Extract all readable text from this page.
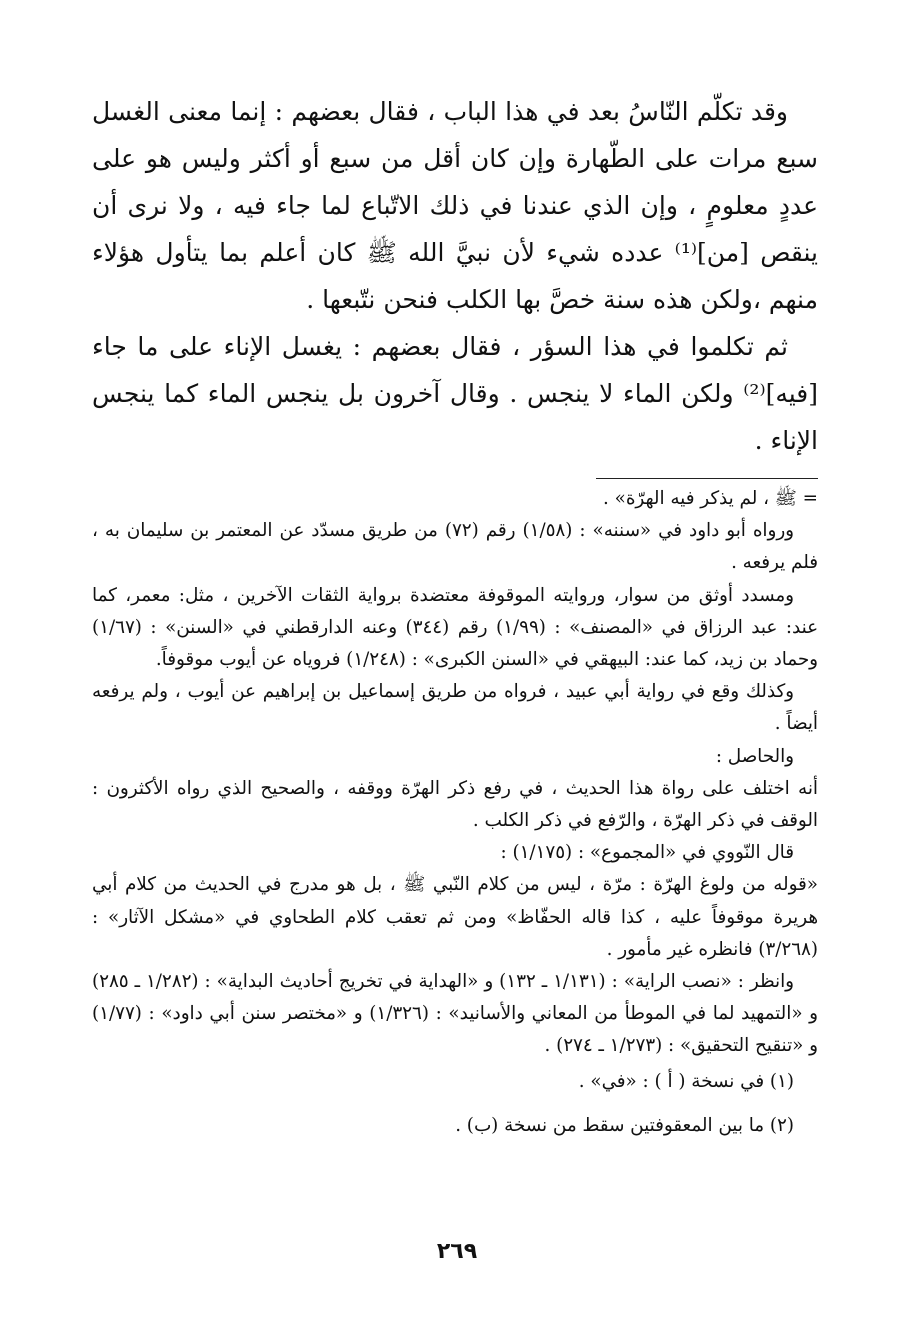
وقد تكلّم النّاسُ بعد في هذا الباب ، فقال بعضهم : إنما معنى الغسل سبع مرات على الطّهارة وإن كان أقل من سبع أو أكثر وليس هو على عددٍ معلومٍ ، وإن الذي عندنا في ذلك الاتّباع لما جاء فيه ، ولا نرى أن ينقص [من]⁽¹⁾ عدده شيء لأن نبيَّ الله ﷺ كان أعلم بما يتأول هؤلاء منهم ،ولكن هذه سنة خصَّ بها الكلب فنحن نتّبعها .

ثم تكلموا في هذا السؤر ، فقال بعضهم : يغسل الإناء على ما جاء [فيه]⁽²⁾ ولكن الماء لا ينجس . وقال آخرون بل ينجس الماء كما ينجس الإناء .

= ﷺ ، لم يذكر فيه الهرّة» .

ورواه أبو داود في «سننه» : (١/٥٨) رقم (٧٢) من طريق مسدّد عن المعتمر بن سليمان به ، فلم يرفعه .

ومسدد أوثق من سوار، وروايته الموقوفة معتضدة برواية الثقات الآخرين ، مثل: معمر، كما عند: عبد الرزاق في «المصنف» : (١/٩٩) رقم (٣٤٤) وعنه الدارقطني في «السنن» : (١/٦٧) وحماد بن زيد، كما عند: البيهقي في «السنن الكبرى» : (١/٢٤٨) فروياه عن أيوب موقوفاً.

وكذلك وقع في رواية أبي عبيد ، فرواه من طريق إسماعيل بن إبراهيم عن أيوب ، ولم يرفعه أيضاً .

والحاصل :

أنه اختلف على رواة هذا الحديث ، في رفع ذكر الهرّة ووقفه ، والصحيح الذي رواه الأكثرون : الوقف في ذكر الهرّة ، والرّفع في ذكر الكلب .

قال النّووي في «المجموع» : (١/١٧٥) :

«قوله من ولوغ الهرّة : مرّة ، ليس من كلام النّبي ﷺ ، بل هو مدرج في الحديث من كلام أبي هريرة موقوفاً عليه ، كذا قاله الحفّاظ» ومن ثم تعقب كلام الطحاوي في «مشكل الآثار» : (٣/٢٦٨) فانظره غير مأمور .

وانظر : «نصب الراية» : (١/١٣١ ـ ١٣٢) و «الهداية في تخريج أحاديث البداية» : (١/٢٨٢ ـ ٢٨٥) و «التمهيد لما في الموطأ من المعاني والأسانيد» : (١/٣٢٦) و «مختصر سنن أبي داود» : (١/٧٧) و «تنقيح التحقيق» : (١/٢٧٣ ـ ٢٧٤) .

(١) في نسخة ( أ ) : «في» .

(٢) ما بين المعقوفتين سقط من نسخة (ب) .

٢٦٩
